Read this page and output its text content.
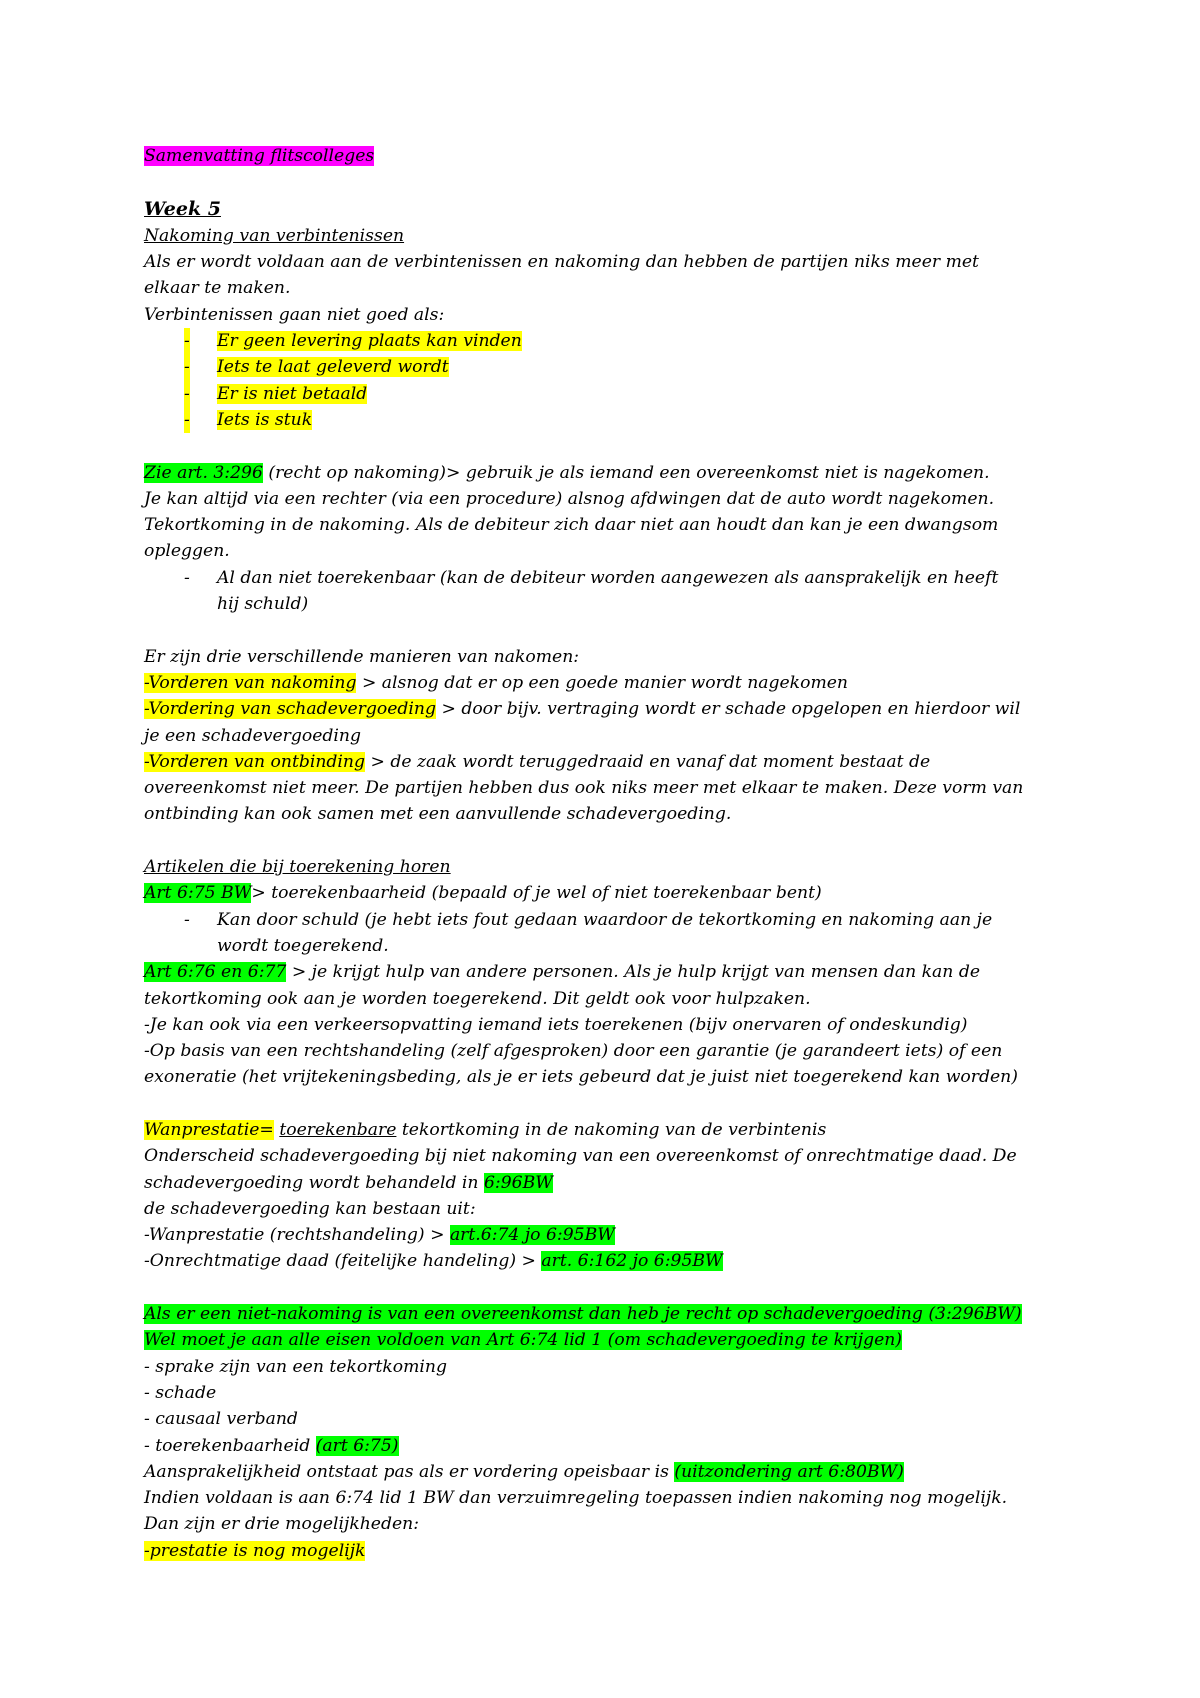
Samenvatting flitscolleges
Week 5
Nakoming van verbintenissen
Als er wordt voldaan aan de verbintenissen en nakoming dan hebben de partijen niks meer met
elkaar te maken.
Verbintenissen gaan niet goed als:
- Er geen levering plaats kan vinden
- Iets te laat geleverd wordt
- Er is niet betaald
- Iets is stuk
Zie art. 3:296 (recht op nakoming)> gebruik je als iemand een overeenkomst niet is nagekomen.
Je kan altijd via een rechter (via een procedure) alsnog afdwingen dat de auto wordt nagekomen.
Tekortkoming in de nakoming. Als de debiteur zich daar niet aan houdt dan kan je een dwangsom
opleggen.
- Al dan niet toerekenbaar (kan de debiteur worden aangewezen als aansprakelijk en heeft
hij schuld)
Er zijn drie verschillende manieren van nakomen:
-Vorderen van nakoming > alsnog dat er op een goede manier wordt nagekomen
-Vordering van schadevergoeding > door bijv. vertraging wordt er schade opgelopen en hierdoor wil
je een schadevergoeding
-Vorderen van ontbinding > de zaak wordt teruggedraaid en vanaf dat moment bestaat de
overeenkomst niet meer. De partijen hebben dus ook niks meer met elkaar te maken. Deze vorm van
ontbinding kan ook samen met een aanvullende schadevergoeding.
Artikelen die bij toerekening horen
Art 6:75 BW> toerekenbaarheid (bepaald of je wel of niet toerekenbaar bent)
- Kan door schuld (je hebt iets fout gedaan waardoor de tekortkoming en nakoming aan je
wordt toegerekend.
Art 6:76 en 6:77 > je krijgt hulp van andere personen. Als je hulp krijgt van mensen dan kan de
tekortkoming ook aan je worden toegerekend. Dit geldt ook voor hulpzaken.
-Je kan ook via een verkeersopvatting iemand iets toerekenen (bijv onervaren of ondeskundig)
-Op basis van een rechtshandeling (zelf afgesproken) door een garantie (je garandeert iets) of een
exoneratie (het vrijtekeningsbeding, als je er iets gebeurd dat je juist niet toegerekend kan worden)
Wanprestatie= toerekenbare tekortkoming in de nakoming van de verbintenis
Onderscheid schadevergoeding bij niet nakoming van een overeenkomst of onrechtmatige daad. De
schadevergoeding wordt behandeld in 6:96BW
de schadevergoeding kan bestaan uit:
-Wanprestatie (rechtshandeling) > art.6:74 jo 6:95BW
-Onrechtmatige daad (feitelijke handeling) > art. 6:162 jo 6:95BW
Als er een niet-nakoming is van een overeenkomst dan heb je recht op schadevergoeding (3:296BW)
Wel moet je aan alle eisen voldoen van Art 6:74 lid 1 (om schadevergoeding te krijgen)
- sprake zijn van een tekortkoming
- schade
- causaal verband
- toerekenbaarheid (art 6:75)
Aansprakelijkheid ontstaat pas als er vordering opeisbaar is (uitzondering art 6:80BW)
Indien voldaan is aan 6:74 lid 1 BW dan verzuimregeling toepassen indien nakoming nog mogelijk.
Dan zijn er drie mogelijkheden:
-prestatie is nog mogelijk
